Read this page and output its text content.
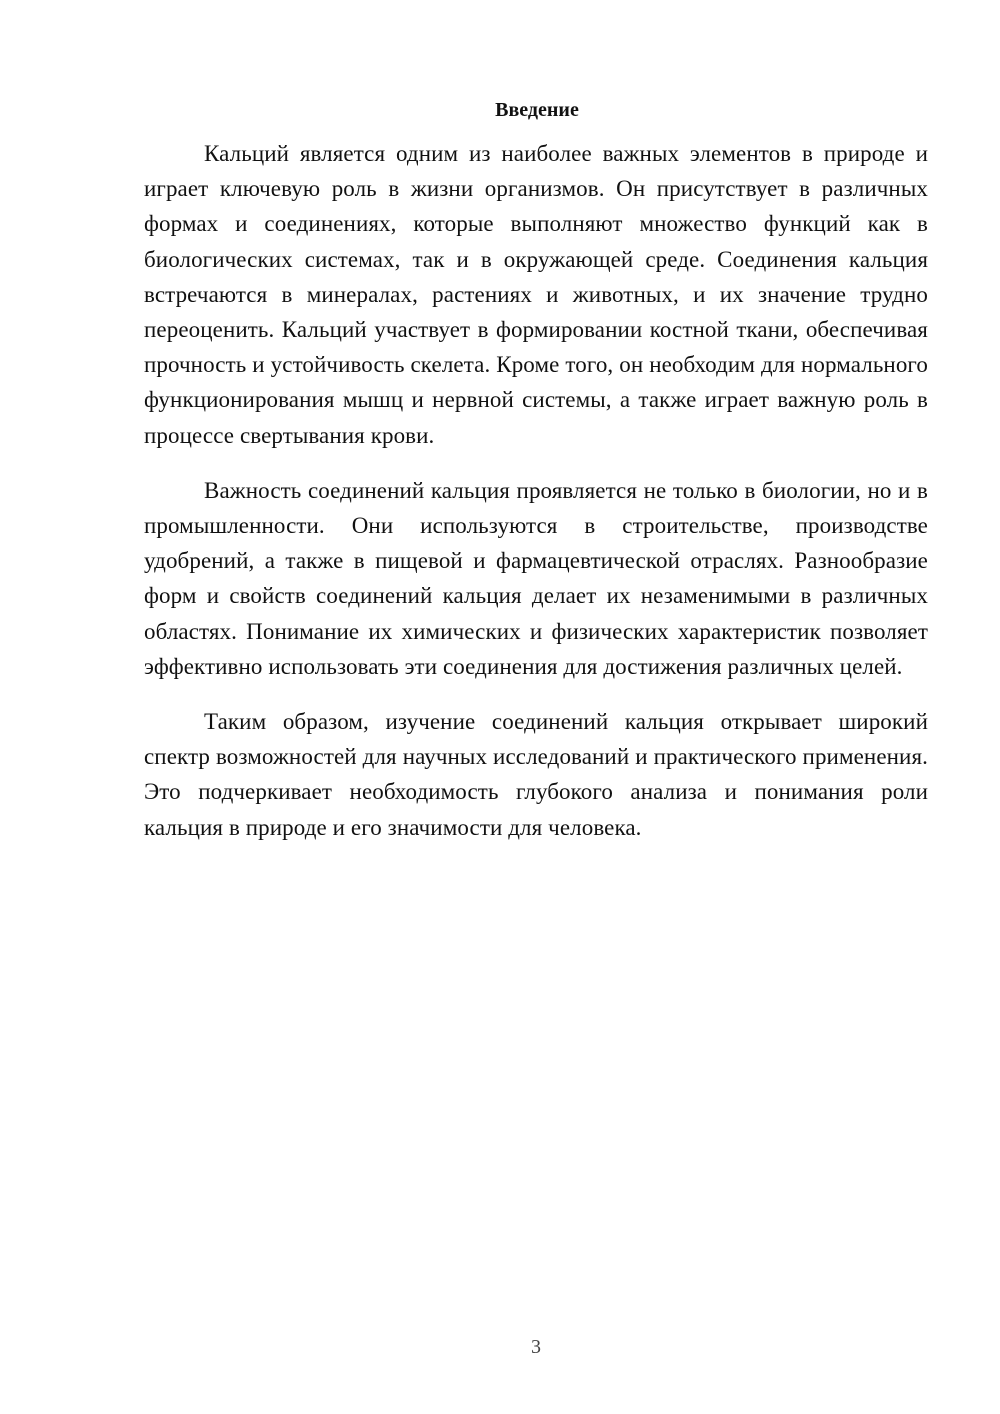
Введение

Кальций является одним из наиболее важных элементов в природе и играет ключевую роль в жизни организмов. Он присутствует в различных формах и соединениях, которые выполняют множество функций как в биологических системах, так и в окружающей среде. Соединения кальция встречаются в минералах, растениях и животных, и их значение трудно переоценить. Кальций участвует в формировании костной ткани, обеспечивая прочность и устойчивость скелета. Кроме того, он необходим для нормального функционирования мышц и нервной системы, а также играет важную роль в процессе свертывания крови.

Важность соединений кальция проявляется не только в биологии, но и в промышленности. Они используются в строительстве, производстве удобрений, а также в пищевой и фармацевтической отраслях. Разнообразие форм и свойств соединений кальция делает их незаменимыми в различных областях. Понимание их химических и физических характеристик позволяет эффективно использовать эти соединения для достижения различных целей.

Таким образом, изучение соединений кальция открывает широкий спектр возможностей для научных исследований и практического применения. Это подчеркивает необходимость глубокого анализа и понимания роли кальция в природе и его значимости для человека.

3
